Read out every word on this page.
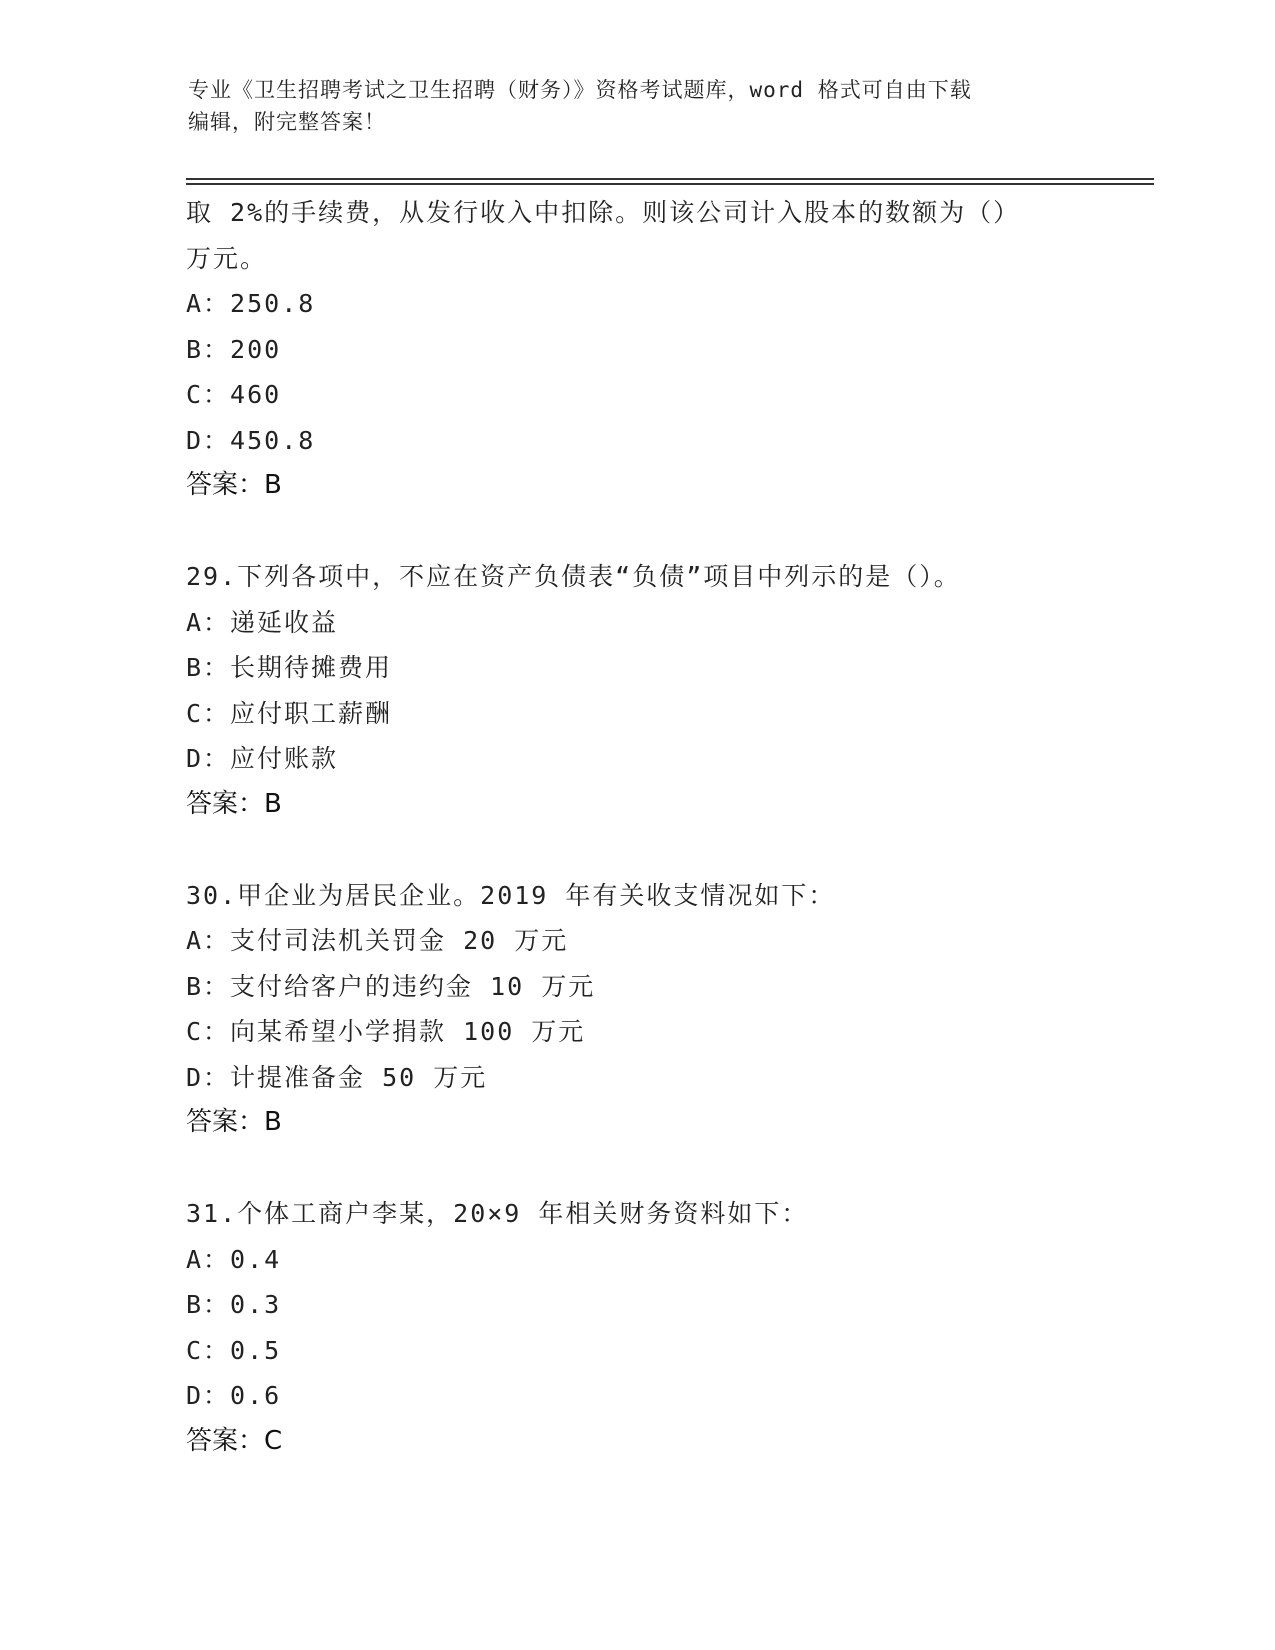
专业《卫生招聘考试之卫生招聘（财务）》资格考试题库，word 格式可自由下载
编辑，附完整答案！
取 2%的手续费，从发行收入中扣除。则该公司计入股本的数额为（）
万元。
A：250.8
B：200
C：460
D：450.8
答案：B
29.下列各项中，不应在资产负债表“负债”项目中列示的是（）。
A：递延收益
B：长期待摊费用
C：应付职工薪酬
D：应付账款
答案：B
30.甲企业为居民企业。2019 年有关收支情况如下：
A：支付司法机关罚金 20 万元
B：支付给客户的违约金 10 万元
C：向某希望小学捐款 100 万元
D：计提准备金 50 万元
答案：B
31.个体工商户李某，20×9 年相关财务资料如下：
A：0.4
B：0.3
C：0.5
D：0.6
答案：C
